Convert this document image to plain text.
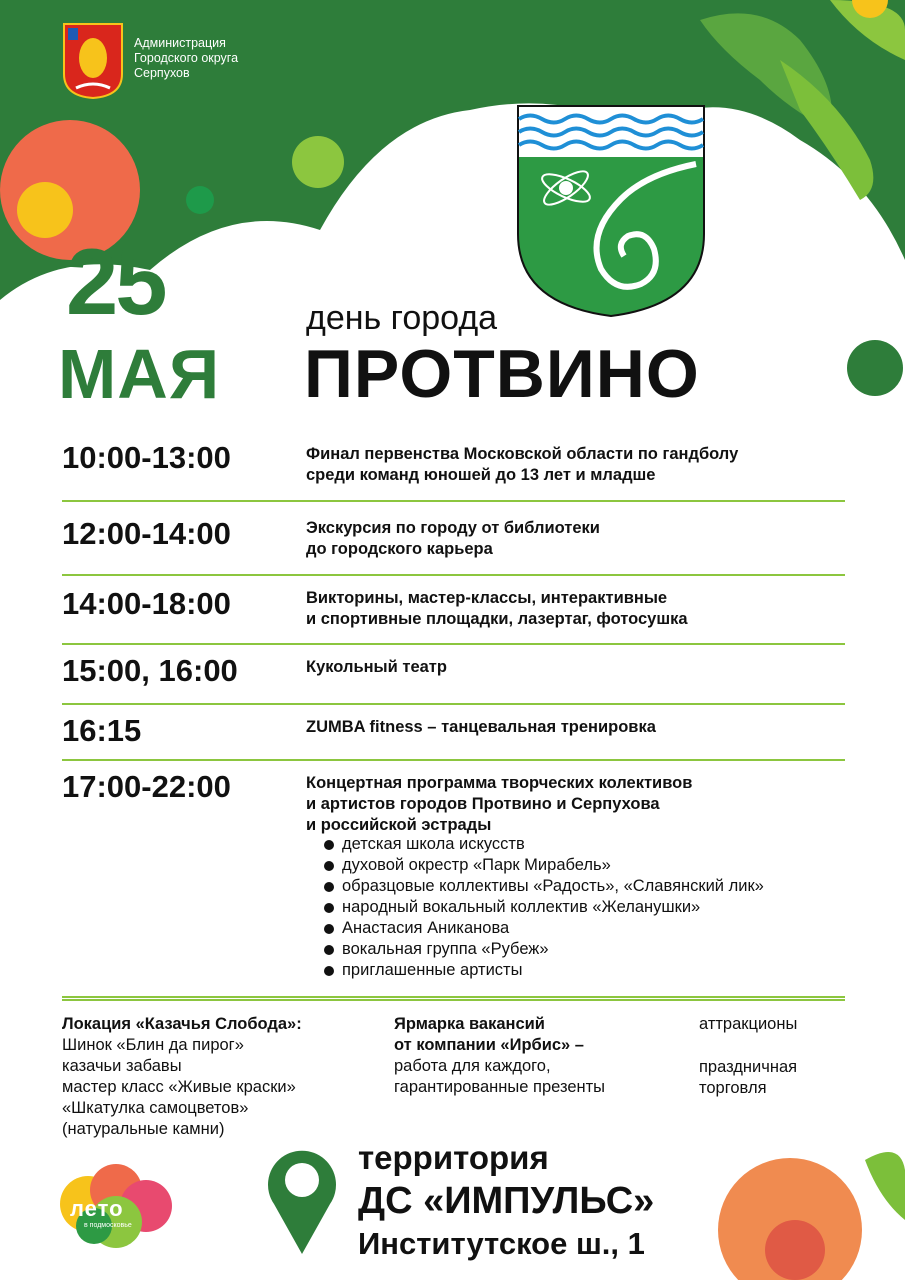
Администрация
Городского округа
Серпухов
25
МАЯ
день города
ПРОТВИНО
10:00-13:00	Финал первенства Московской области по гандболу
среди команд юношей до 13 лет и младше
12:00-14:00	Экскурсия по городу от библиотеки
до городского карьера
14:00-18:00	Викторины, мастер-классы, интерактивные
и спортивные площадки, лазертаг, фотосушка
15:00, 16:00	Кукольный театр
16:15	ZUMBA fitness – танцевальная тренировка
17:00-22:00	Концертная программа творческих колективов
и артистов городов Протвино и Серпухова
и российской эстрады
детская школа искусств
духовой окрестр «Парк Мирабель»
образцовые коллективы «Радость», «Славянский лик»
народный вокальный коллектив «Желанушки»
Анастасия Аниканова
вокальная группа «Рубеж»
приглашенные артисты
Локация «Казачья Слобода»:
Шинок «Блин да пирог»
казачьи забавы
мастер класс «Живые краски»
«Шкатулка самоцветов»
(натуральные камни)
Ярмарка вакансий
от компании «Ирбис» –
работа для каждого,
гарантированные презенты
аттракционы
праздничная
торговля
лето
в подмосковье
территория
ДС «ИМПУЛЬС»
Институтское ш., 1
